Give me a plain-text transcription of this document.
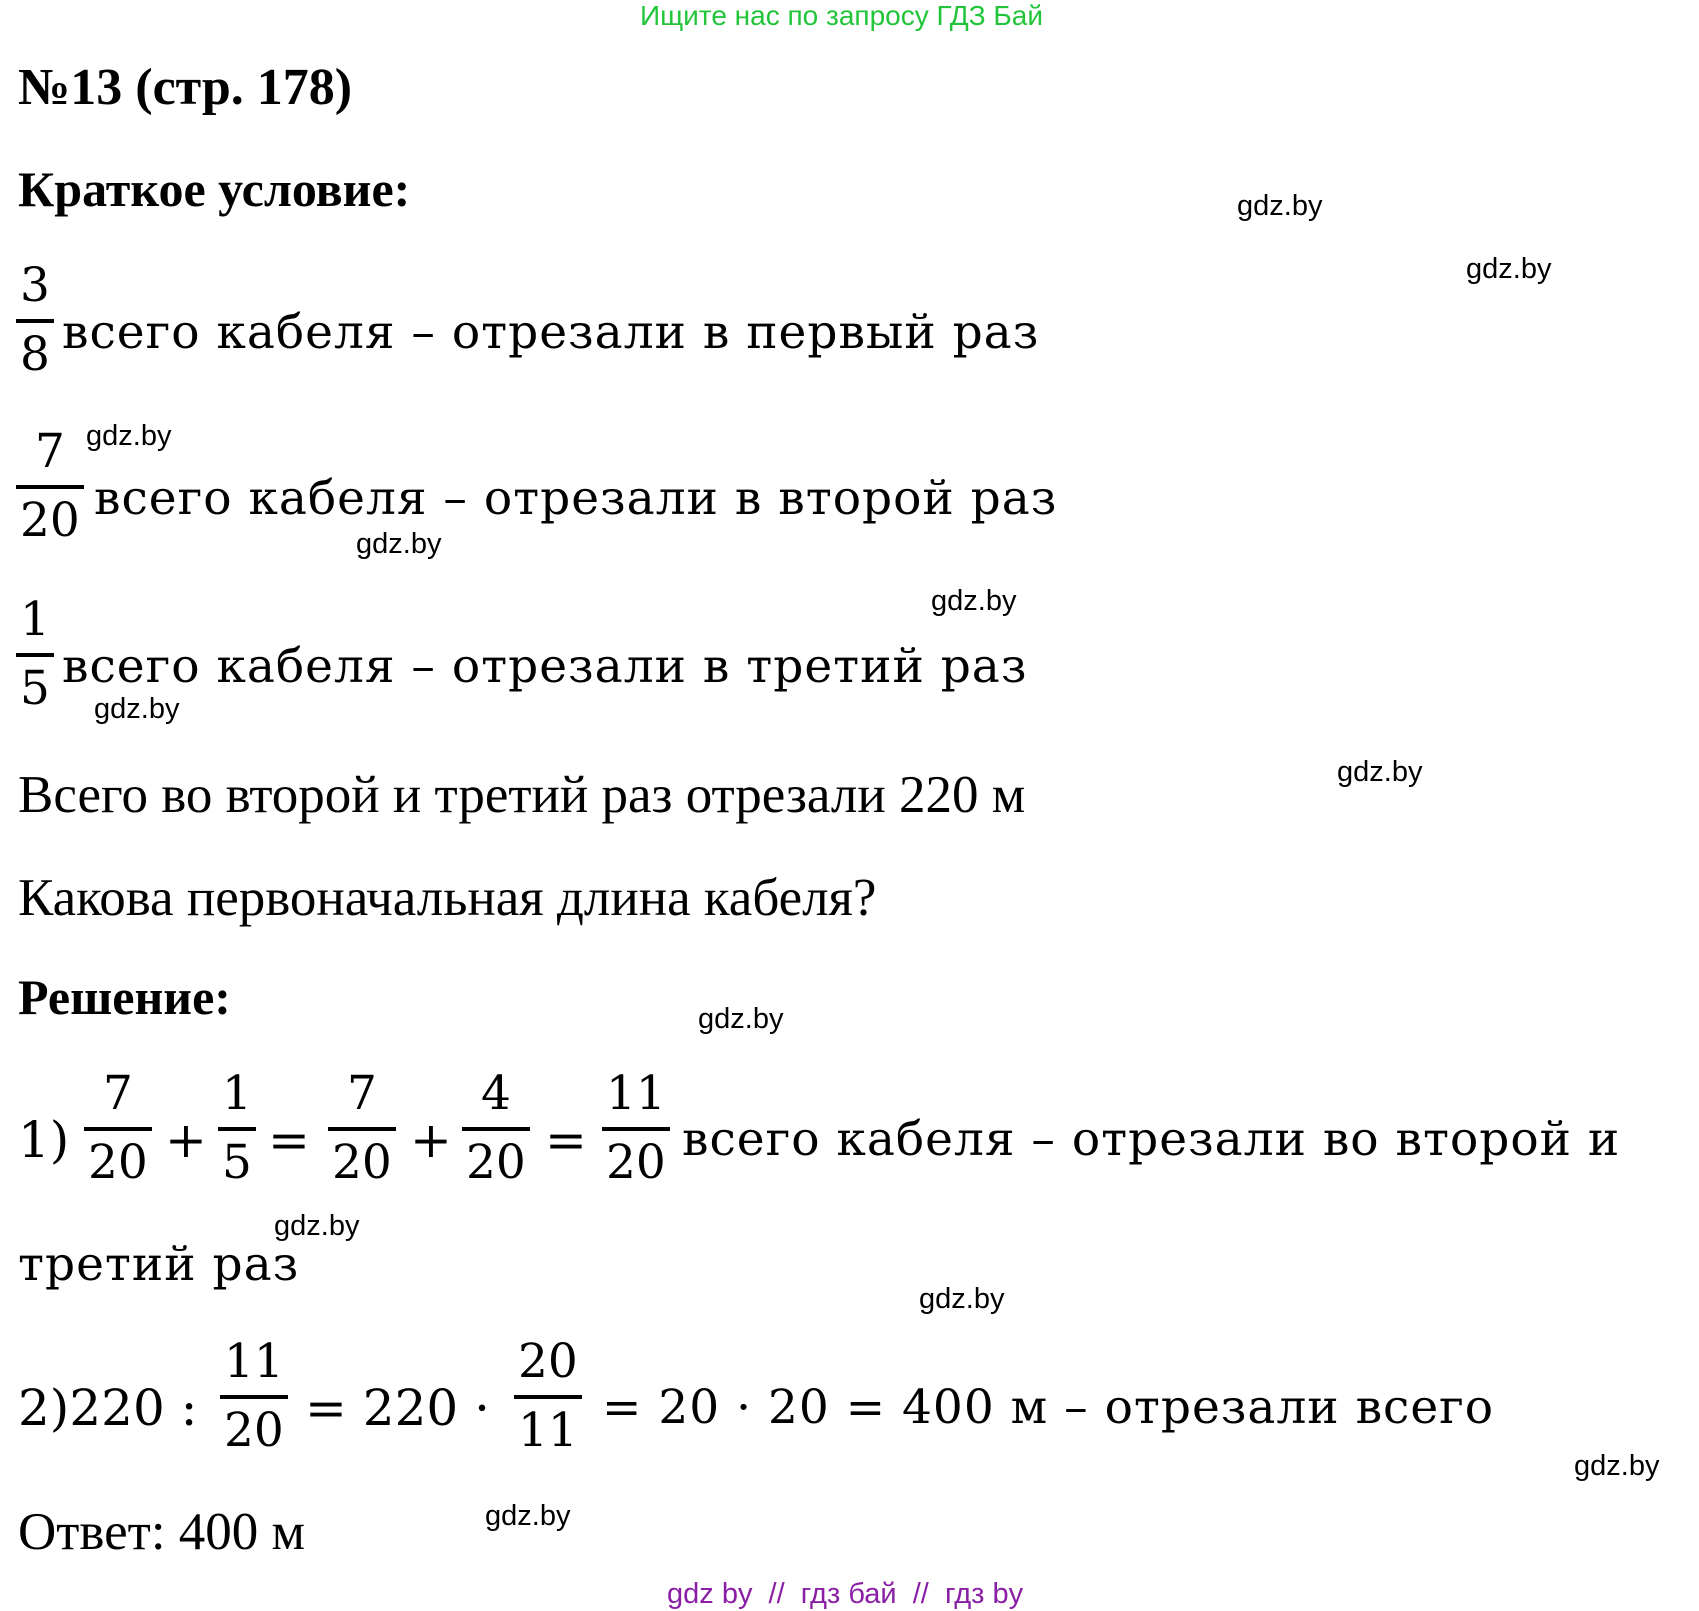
Ищите нас по запросу ГДЗ Бай
№13 (стр. 178)
Краткое условие:
3
8 всего кабеля – отрезали в первый раз
7
20 всего кабеля – отрезали в второй раз
1
5 всего кабеля – отрезали в третий раз
Всего во второй и третий раз отрезали 220 м
Какова первоначальная длина кабеля?
Решение:
1)
7
20 +
1
5 =
7
20 +
4
20 =
11
20 всего кабеля – отрезали во второй и
третий раз
2)220 :
11
20 = 220 ·
20
11 = 20 · 20 = 400 м – отрезали всего
Ответ: 400 м
gdz.by
gdz.by
gdz.by
gdz.by
gdz.by
gdz.by
gdz.by
gdz.by
gdz.by
gdz.by
gdz.by
gdz.by
gdz by  //  гдз бай  //  гдз by
